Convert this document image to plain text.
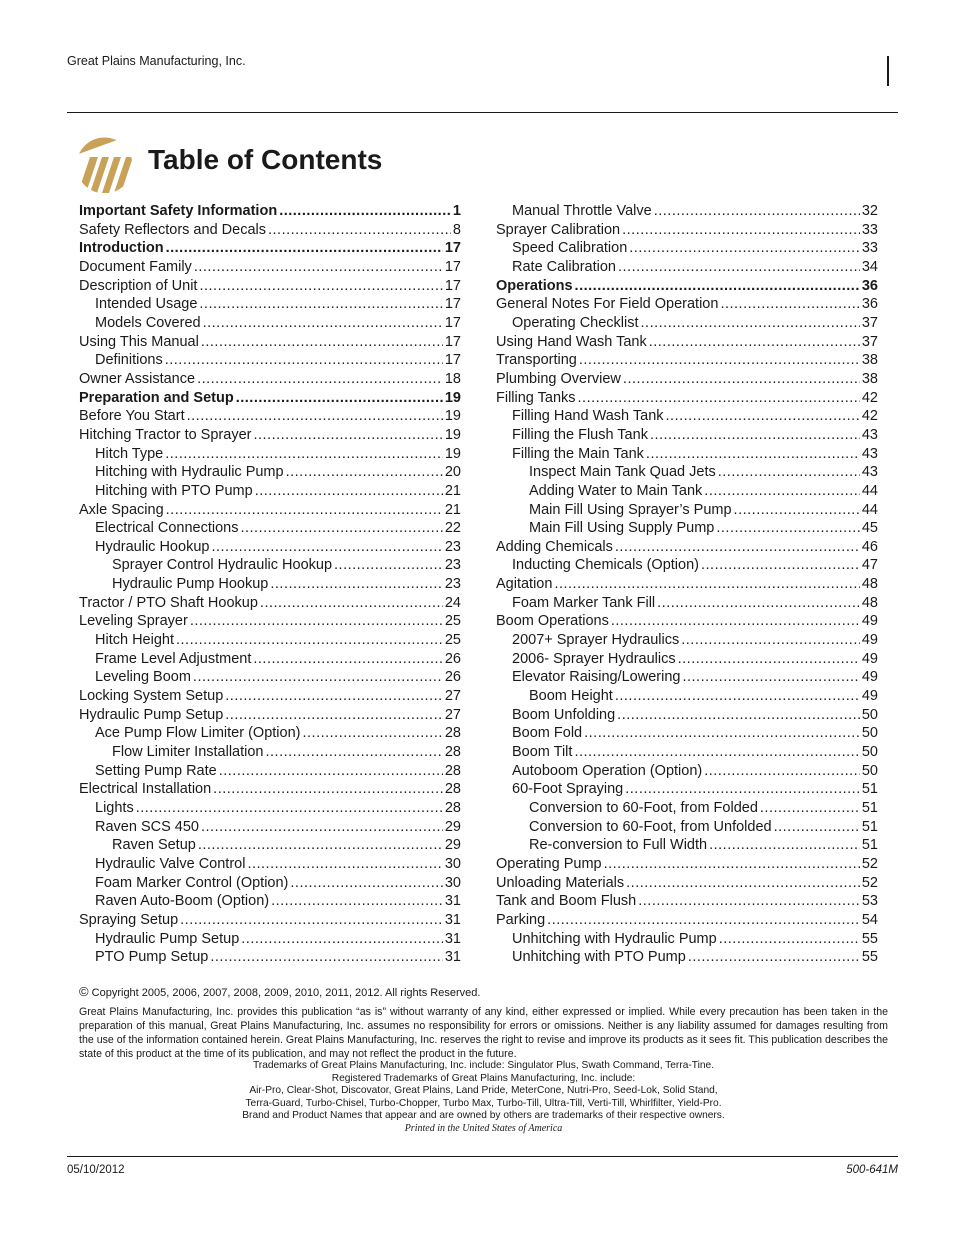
Great Plains Manufacturing, Inc.
Table of Contents
Important Safety Information .....	1
Safety Reflectors and Decals .....	8
Introduction .....	17
Document Family .....	17
Description of Unit .....	17
Intended Usage .....	17
Models Covered .....	17
Using This Manual .....	17
Definitions .....	17
Owner Assistance .....	18
Preparation and Setup .....	19
Before You Start .....	19
Hitching Tractor to Sprayer .....	19
Hitch Type .....	19
Hitching with Hydraulic Pump .....	20
Hitching with PTO Pump .....	21
Axle Spacing .....	21
Electrical Connections .....	22
Hydraulic Hookup .....	23
Sprayer Control Hydraulic Hookup .....	23
Hydraulic Pump Hookup .....	23
Tractor / PTO Shaft Hookup .....	24
Leveling Sprayer .....	25
Hitch Height .....	25
Frame Level Adjustment .....	26
Leveling Boom .....	26
Locking System Setup .....	27
Hydraulic Pump Setup .....	27
Ace Pump Flow Limiter (Option) .....	28
Flow Limiter Installation .....	28
Setting Pump Rate .....	28
Electrical Installation .....	28
Lights .....	28
Raven SCS 450 .....	29
Raven Setup .....	29
Hydraulic Valve Control .....	30
Foam Marker Control (Option) .....	30
Raven Auto-Boom (Option) .....	31
Spraying Setup .....	31
Hydraulic Pump Setup .....	31
PTO Pump Setup .....	31
Manual Throttle Valve .....	32
Sprayer Calibration .....	33
Speed Calibration .....	33
Rate Calibration .....	34
Operations .....	36
General Notes For Field Operation .....	36
Operating Checklist .....	37
Using Hand Wash Tank .....	37
Transporting .....	38
Plumbing Overview .....	38
Filling Tanks .....	42
Filling Hand Wash Tank .....	42
Filling the Flush Tank .....	43
Filling the Main Tank .....	43
Inspect Main Tank Quad Jets .....	43
Adding Water to Main Tank .....	44
Main Fill Using Sprayer’s Pump .....	44
Main Fill Using Supply Pump .....	45
Adding Chemicals .....	46
Inducting Chemicals (Option) .....	47
Agitation .....	48
Foam Marker Tank Fill .....	48
Boom Operations .....	49
2007+ Sprayer Hydraulics .....	49
2006- Sprayer Hydraulics .....	49
Elevator Raising/Lowering .....	49
Boom Height .....	49
Boom Unfolding .....	50
Boom Fold .....	50
Boom Tilt .....	50
Autoboom Operation (Option) .....	50
60-Foot Spraying .....	51
Conversion to 60-Foot, from Folded .....	51
Conversion to 60-Foot, from Unfolded .....	51
Re-conversion to Full Width .....	51
Operating Pump .....	52
Unloading Materials .....	52
Tank and Boom Flush .....	53
Parking .....	54
Unhitching with Hydraulic Pump .....	55
Unhitching with PTO Pump .....	55
© Copyright 2005, 2006, 2007, 2008, 2009, 2010, 2011, 2012. All rights Reserved.
Great Plains Manufacturing, Inc. provides this publication “as is” without warranty of any kind, either expressed or implied. While every precaution has been taken in the preparation of this manual, Great Plains Manufacturing, Inc. assumes no responsibility for errors or omissions. Neither is any liability assumed for damages resulting from the use of the information contained herein. Great Plains Manufacturing, Inc. reserves the right to revise and improve its products as it sees fit. This publication describes the state of this product at the time of its publication, and may not reflect the product in the future.
Trademarks of Great Plains Manufacturing, Inc. include: Singulator Plus, Swath Command, Terra-Tine.
Registered Trademarks of Great Plains Manufacturing, Inc. include:
Air-Pro, Clear-Shot, Discovator, Great Plains, Land Pride, MeterCone, Nutri-Pro, Seed-Lok, Solid Stand,
Terra-Guard, Turbo-Chisel, Turbo-Chopper, Turbo Max, Turbo-Till, Ultra-Till, Verti-Till, Whirlfilter, Yield-Pro.
Brand and Product Names that appear and are owned by others are trademarks of their respective owners.
Printed in the United States of America
05/10/2012	500-641M
